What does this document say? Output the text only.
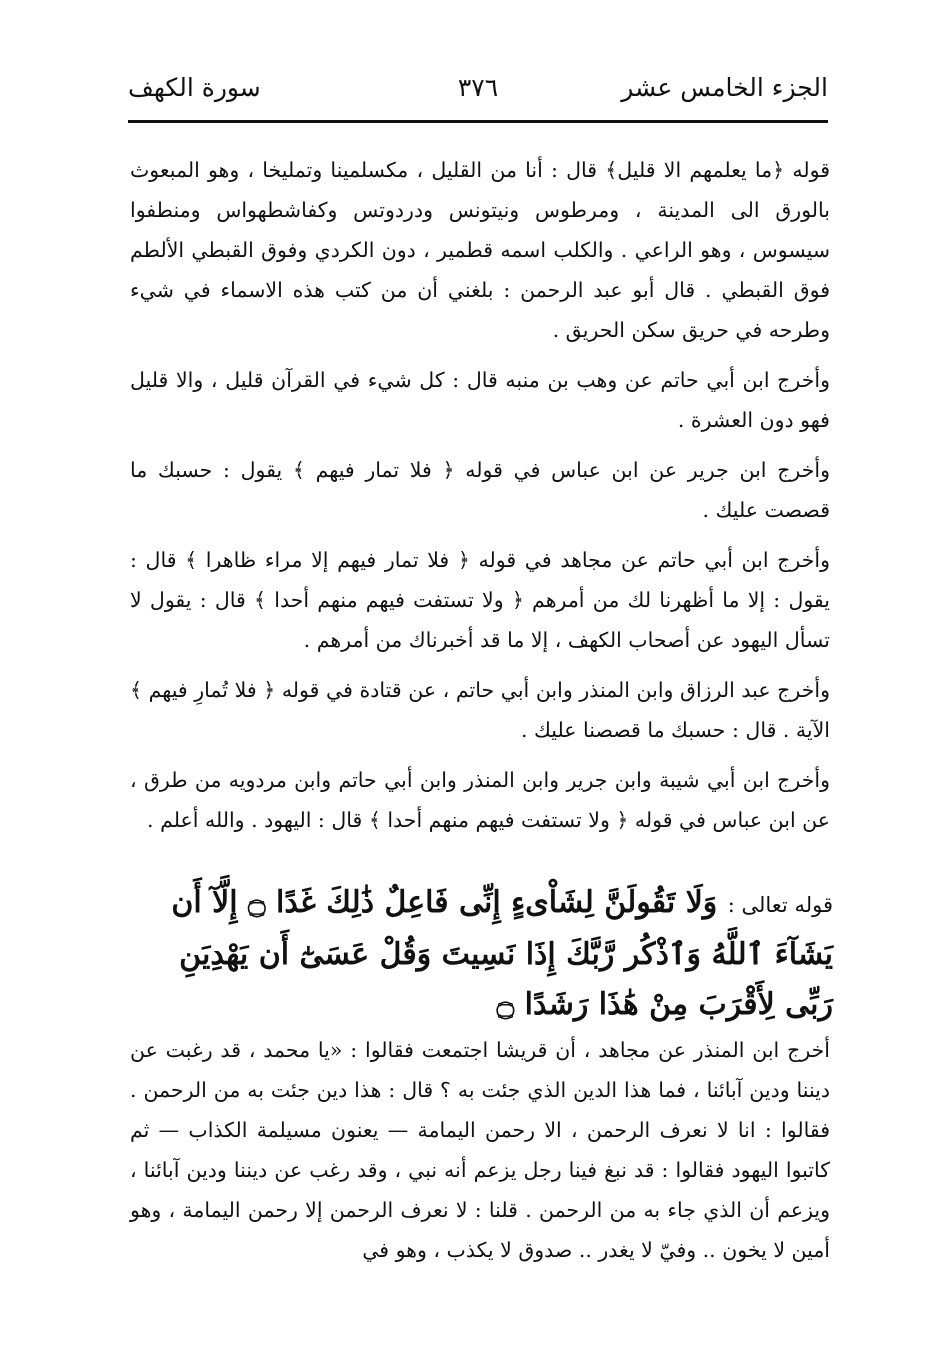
الجزء الخامس عشر
٣٧٦
سورة الكهف

قوله ﴿ما يعلمهم الا قليل﴾ قال : أنا من القليل ، مكسلمينا وتمليخا ، وهو المبعوث بالورق الى المدينة ، ومرطوس ونيتونس ودردوتس وكفاشطهواس ومنطفوا سيسوس ، وهو الراعي . والكلب اسمه قطمير ، دون الكردي وفوق القبطي الألطم فوق القبطي . قال أبو عبد الرحمن : بلغني أن من كتب هذه الاسماء في شيء وطرحه في حريق سكن الحريق .

وأخرج ابن أبي حاتم عن وهب بن منبه قال : كل شيء في القرآن قليل ، والا قليل فهو دون العشرة .

وأخرج ابن جرير عن ابن عباس في قوله ﴿ فلا تمار فيهم ﴾ يقول : حسبك ما قصصت عليك .

وأخرج ابن أبي حاتم عن مجاهد في قوله ﴿ فلا تمار فيهم إلا مراء ظاهرا ﴾ قال : يقول : إلا ما أظهرنا لك من أمرهم ﴿ ولا تستفت فيهم منهم أحدا ﴾ قال : يقول لا تسأل اليهود عن أصحاب الكهف ، إلا ما قد أخبرناك من أمرهم .

وأخرج عبد الرزاق وابن المنذر وابن أبي حاتم ، عن قتادة في قوله ﴿ فلا تُمارِ فيهم ﴾ الآية . قال : حسبك ما قصصنا عليك .

وأخرج ابن أبي شيبة وابن جرير وابن المنذر وابن أبي حاتم وابن مردويه من طرق ، عن ابن عباس في قوله ﴿ ولا تستفت فيهم منهم أحدا ﴾ قال : اليهود . والله أعلم .

قوله تعالى : وَلَا تَقُولَنَّ لِشَاْىءٍ إِنِّى فَاعِلٌ ذَٰلِكَ غَدًا ۝ إِلَّآ أَن يَشَآءَ ٱللَّهُ وَٱذْكُر رَّبَّكَ إِذَا نَسِيتَ وَقُلْ عَسَىٰٓ أَن يَهْدِيَنِ رَبِّى لِأَقْرَبَ مِنْ هَٰذَا رَشَدًا ۝

أخرج ابن المنذر عن مجاهد ، أن قريشا اجتمعت فقالوا : «يا محمد ، قد رغبت عن ديننا ودين آبائنا ، فما هذا الدين الذي جئت به ؟ قال : هذا دين جئت به من الرحمن . فقالوا : انا لا نعرف الرحمن ، الا رحمن اليمامة — يعنون مسيلمة الكذاب — ثم كاتبوا اليهود فقالوا : قد نبغ فينا رجل يزعم أنه نبي ، وقد رغب عن ديننا ودين آبائنا ، ويزعم أن الذي جاء به من الرحمن . قلنا : لا نعرف الرحمن إلا رحمن اليمامة ، وهو أمين لا يخون .. وفيّ لا يغدر .. صدوق لا يكذب ، وهو في
